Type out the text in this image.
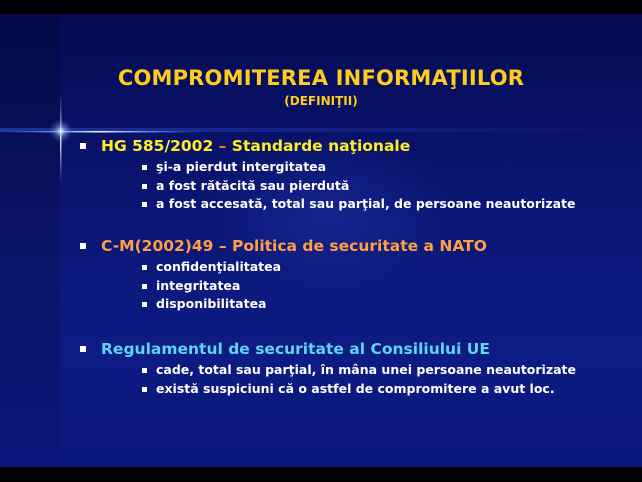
COMPROMITEREA INFORMAŢIILOR
(DEFINIŢII)
HG 585/2002 – Standarde naţionale
şi-a pierdut intergitatea
a fost rătăcită sau pierdută
a fost accesată, total sau parţial, de persoane neautorizate
C-M(2002)49 – Politica de securitate a NATO
confidenţialitatea
integritatea
disponibilitatea
Regulamentul de securitate al Consiliului UE
cade, total sau parţial, în mâna unei persoane neautorizate
există suspiciuni că o astfel de compromitere a avut loc.
